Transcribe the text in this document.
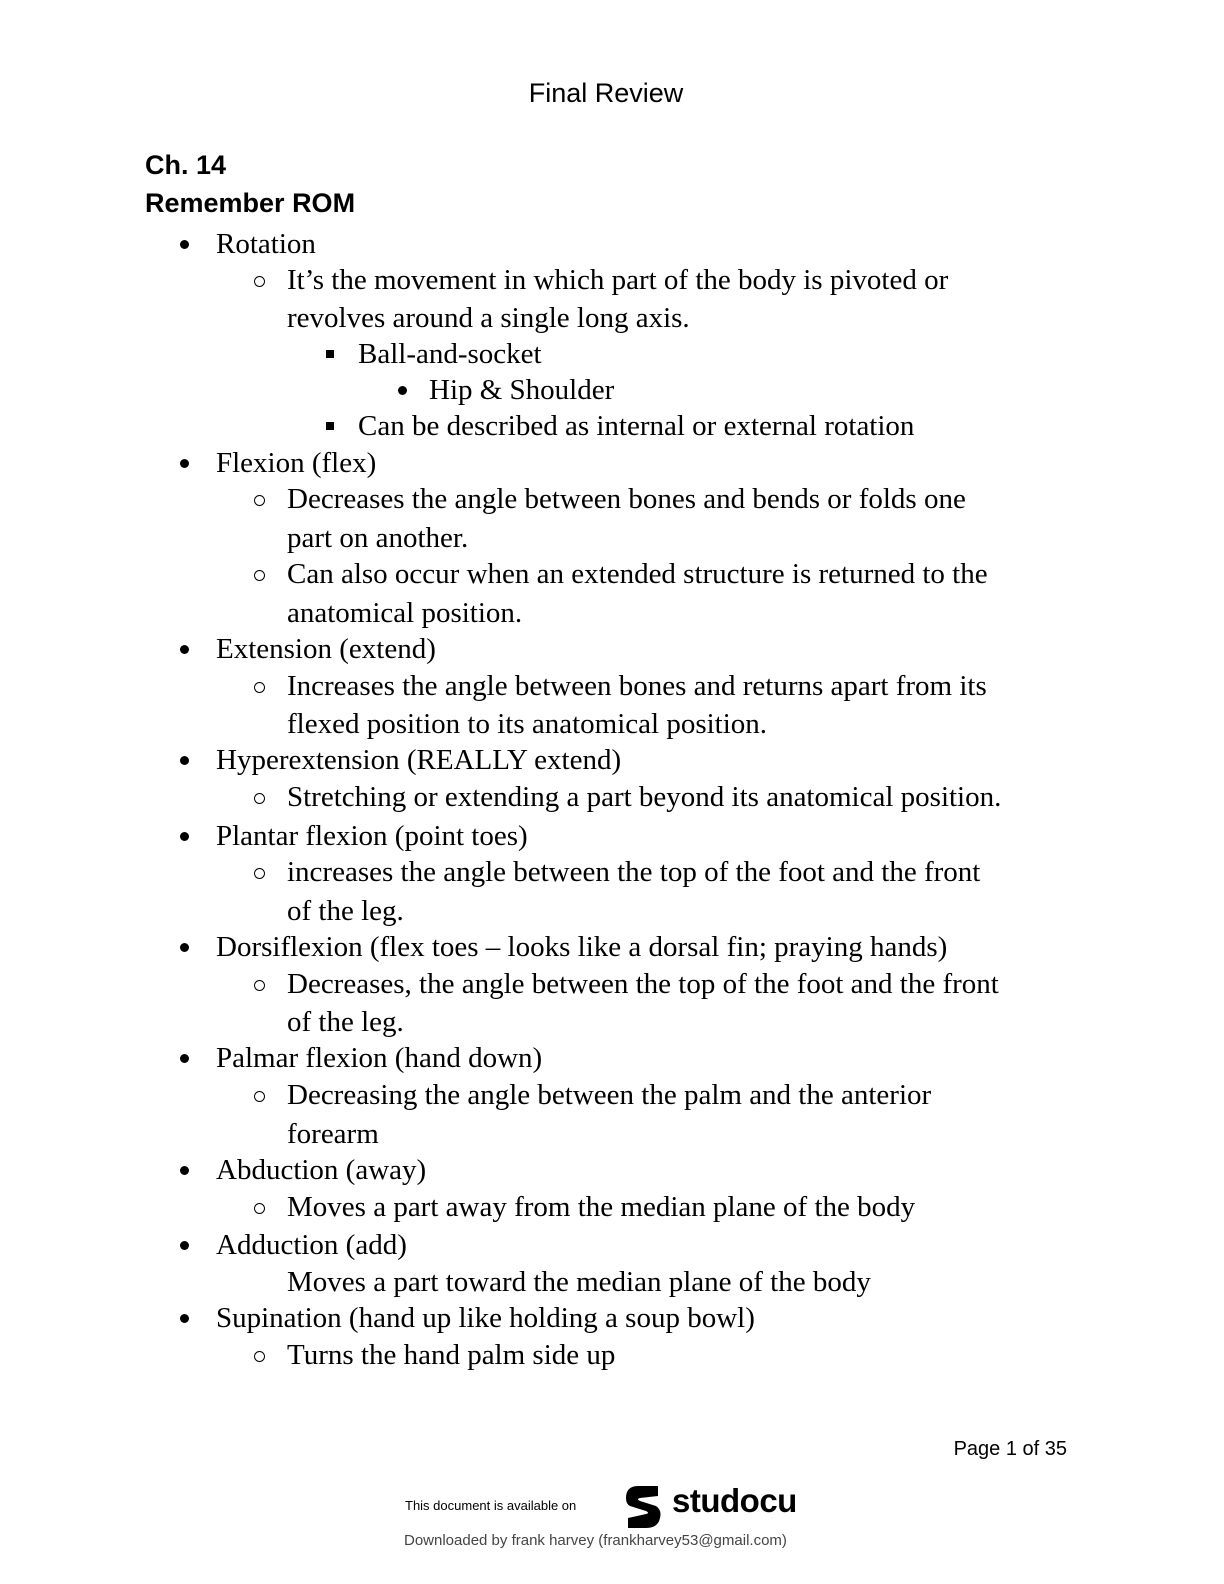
Final Review
Ch. 14
Remember ROM
Rotation
It’s the movement in which part of the body is pivoted or
revolves around a single long axis.
Ball-and-socket
Hip & Shoulder
Can be described as internal or external rotation
Flexion (flex)
Decreases the angle between bones and bends or folds one
part on another.
Can also occur when an extended structure is returned to the
anatomical position.
Extension (extend)
Increases the angle between bones and returns apart from its
flexed position to its anatomical position.
Hyperextension (REALLY extend)
Stretching or extending a part beyond its anatomical position.
Plantar flexion (point toes)
increases the angle between the top of the foot and the front
of the leg.
Dorsiflexion (flex toes – looks like a dorsal fin; praying hands)
Decreases, the angle between the top of the foot and the front
of the leg.
Palmar flexion (hand down)
Decreasing the angle between the palm and the anterior
forearm
Abduction (away)
Moves a part away from the median plane of the body
Adduction (add)
Moves a part toward the median plane of the body
Supination (hand up like holding a soup bowl)
Turns the hand palm side up
Page 1 of 35
This document is available on	studocu
Downloaded by frank harvey (frankharvey53@gmail.com)
